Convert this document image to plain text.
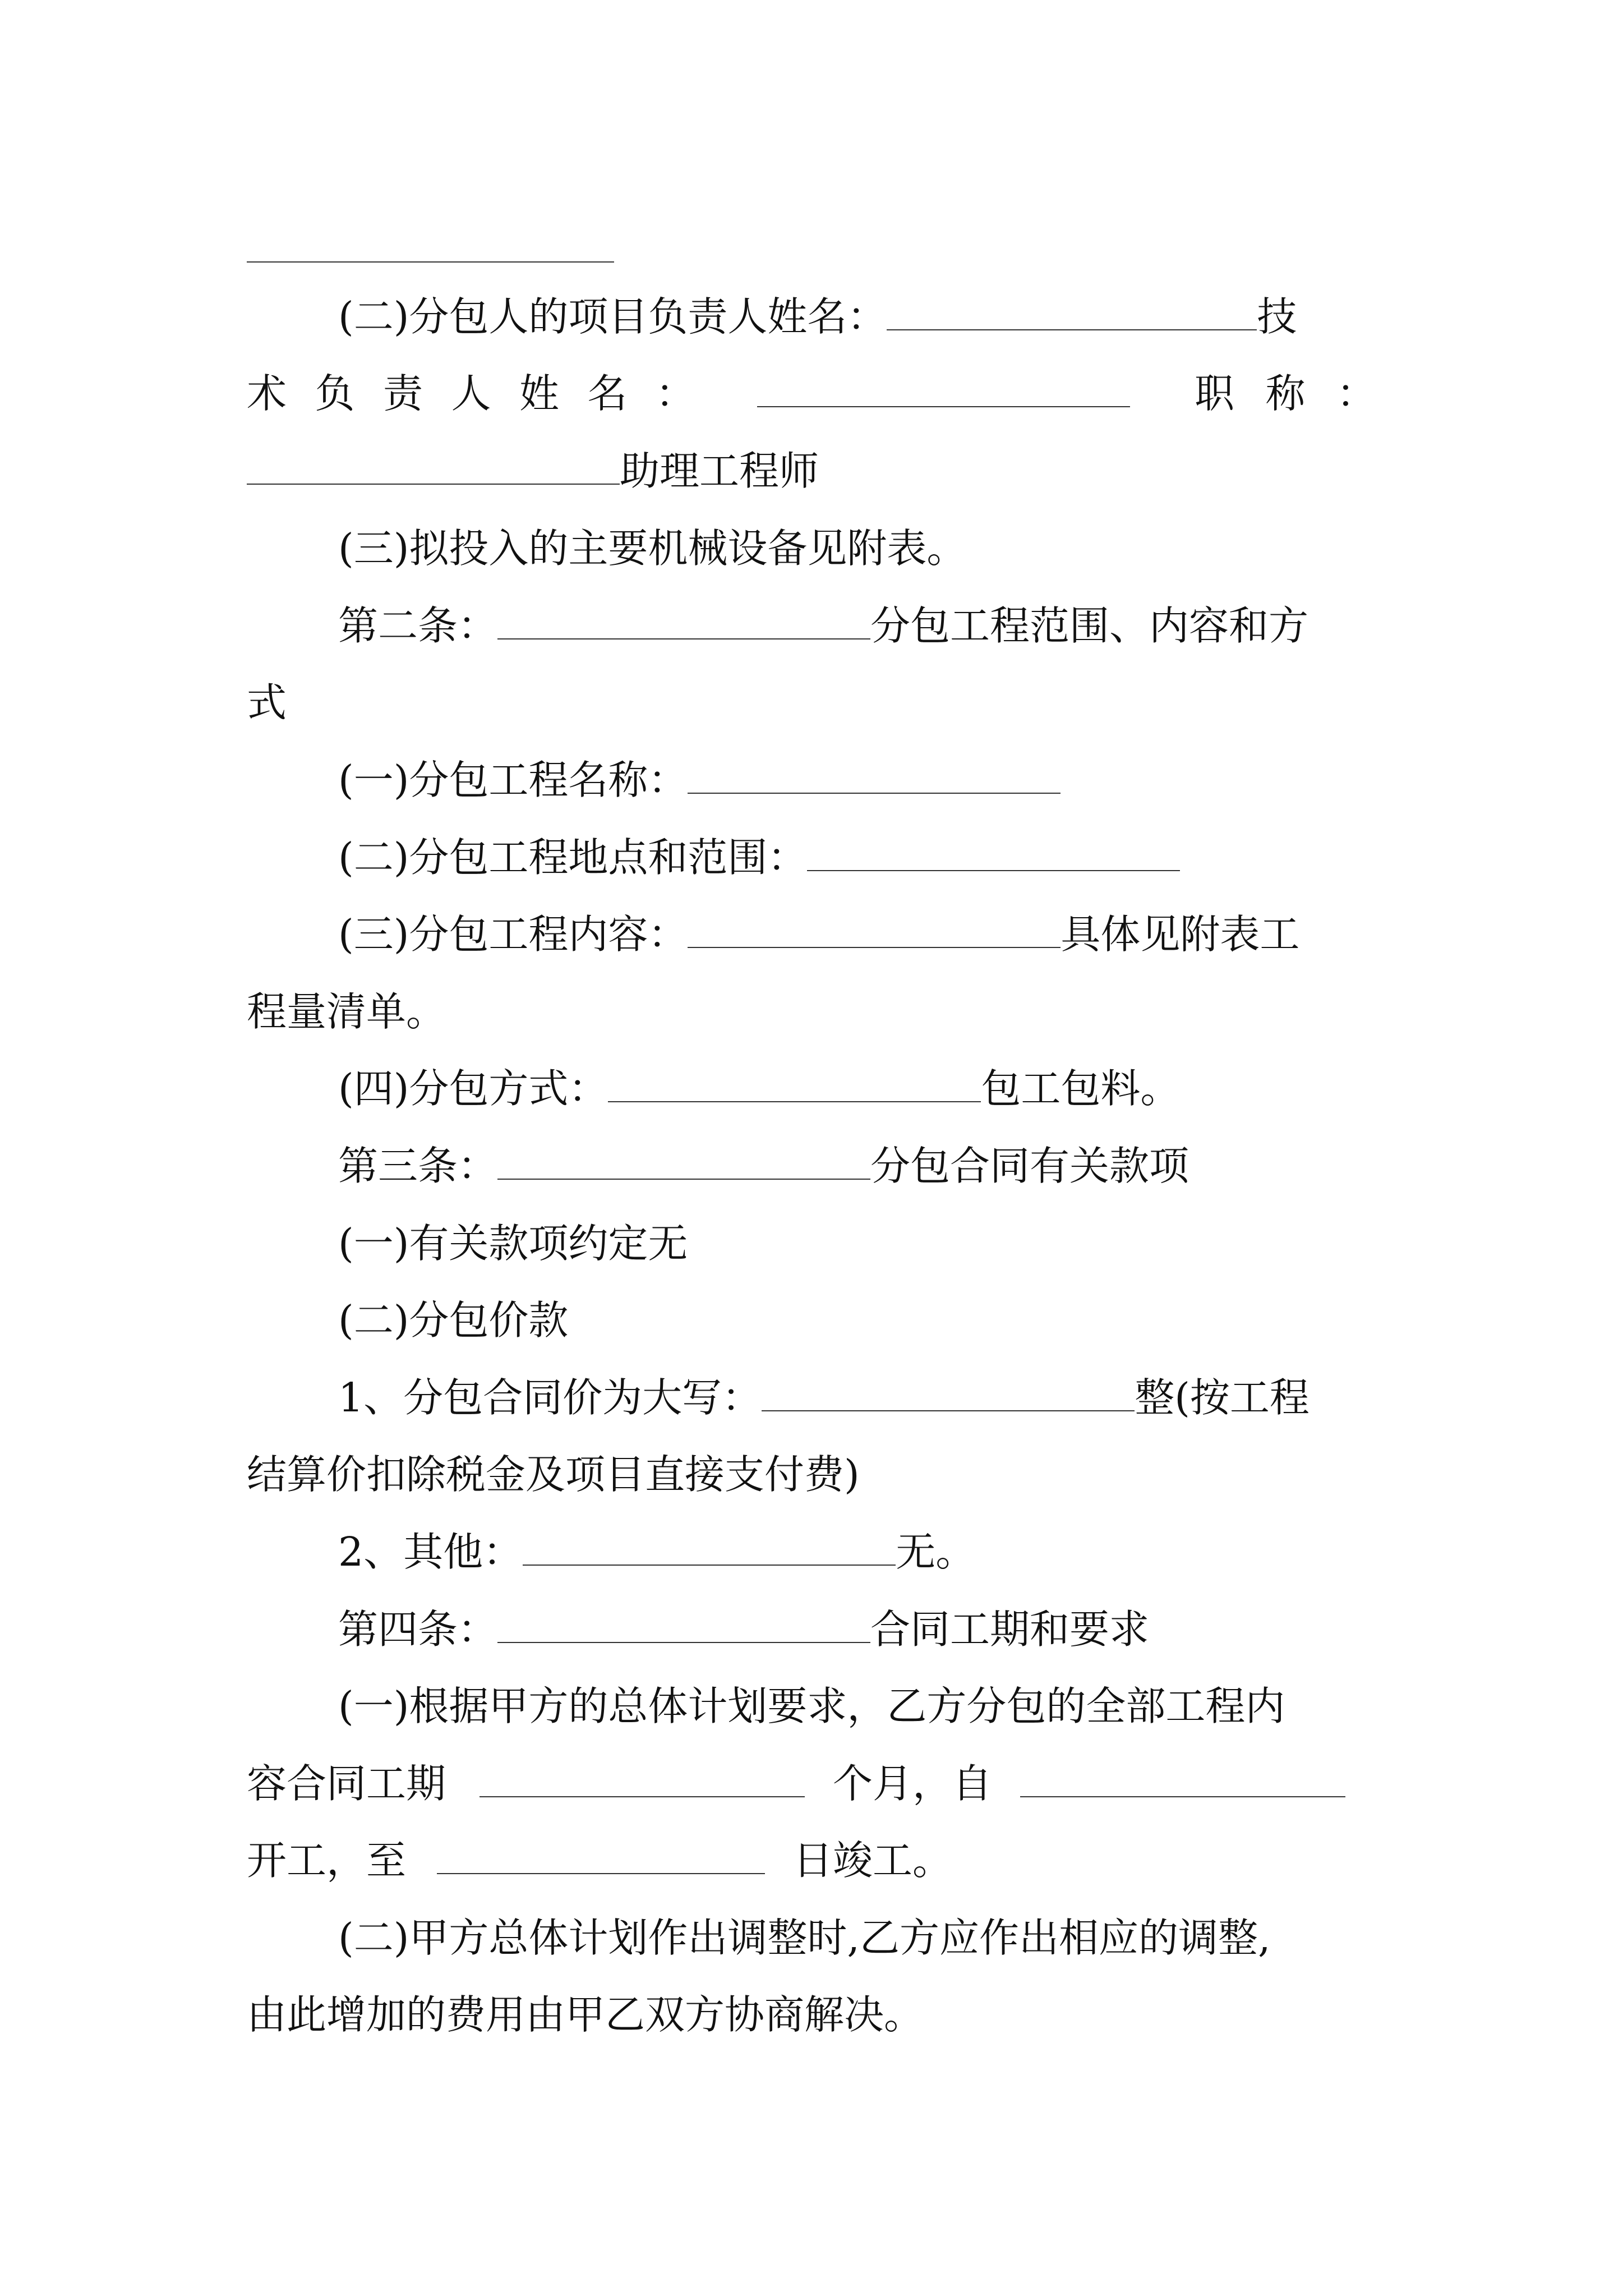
(二)分包人的项目负责人姓名：	技

术 负 责 人 姓 名 ：	职 称 ：

助理工程师

(三)拟投入的主要机械设备见附表。

第二条：	分包工程范围、内容和方

式

(一)分包工程名称：

(二)分包工程地点和范围：

(三)分包工程内容：	具体见附表工

程量清单。

(四)分包方式：	包工包料。

第三条：	分包合同有关款项

(一)有关款项约定无

(二)分包价款

1、分包合同价为大写：	整(按工程

结算价扣除税金及项目直接支付费)

2、其他：	无。

第四条：	合同工期和要求

(一)根据甲方的总体计划要求，乙方分包的全部工程内

容合同工期	个月，自

开工，至	日竣工。

(二)甲方总体计划作出调整时,乙方应作出相应的调整,

由此增加的费用由甲乙双方协商解决。
